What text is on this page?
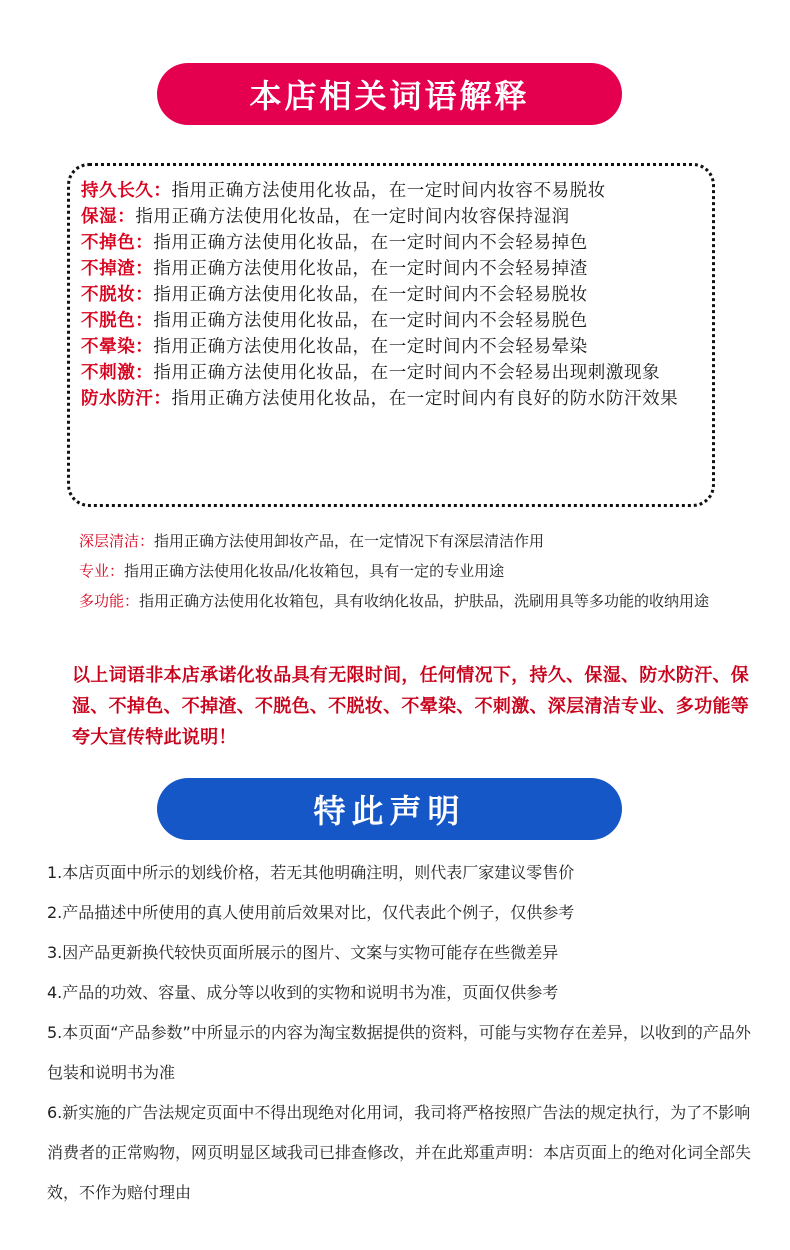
本店相关词语解释
持久长久：指用正确方法使用化妆品，在一定时间内妆容不易脱妆
保湿：指用正确方法使用化妆品，在一定时间内妆容保持湿润
不掉色：指用正确方法使用化妆品，在一定时间内不会轻易掉色
不掉渣：指用正确方法使用化妆品，在一定时间内不会轻易掉渣
不脱妆：指用正确方法使用化妆品，在一定时间内不会轻易脱妆
不脱色：指用正确方法使用化妆品，在一定时间内不会轻易脱色
不晕染：指用正确方法使用化妆品，在一定时间内不会轻易晕染
不刺激：指用正确方法使用化妆品，在一定时间内不会轻易出现刺激现象
防水防汗：指用正确方法使用化妆品，在一定时间内有良好的防水防汗效果
深层清洁：指用正确方法使用卸妆产品，在一定情况下有深层清洁作用
专业：指用正确方法使用化妆品/化妆箱包，具有一定的专业用途
多功能：指用正确方法使用化妆箱包，具有收纳化妆品，护肤品，洗刷用具等多功能的收纳用途
以上词语非本店承诺化妆品具有无限时间，任何情况下，持久、保湿、防水防汗、保湿、不掉色、不掉渣、不脱色、不脱妆、不晕染、不刺激、深层清洁专业、多功能等夸大宣传特此说明！
特此声明

1.本店页面中所示的划线价格，若无其他明确注明，则代表厂家建议零售价

2.产品描述中所使用的真人使用前后效果对比，仅代表此个例子，仅供参考

3.因产品更新换代较快页面所展示的图片、文案与实物可能存在些微差异

4.产品的功效、容量、成分等以收到的实物和说明书为准，页面仅供参考

5.本页面“产品参数”中所显示的内容为淘宝数据提供的资料，可能与实物存在差异，以收到的产品外包装和说明书为准

6.新实施的广告法规定页面中不得出现绝对化用词，我司将严格按照广告法的规定执行，为了不影响消费者的正常购物，网页明显区域我司已排查修改，并在此郑重声明：本店页面上的绝对化词全部失效，不作为赔付理由
